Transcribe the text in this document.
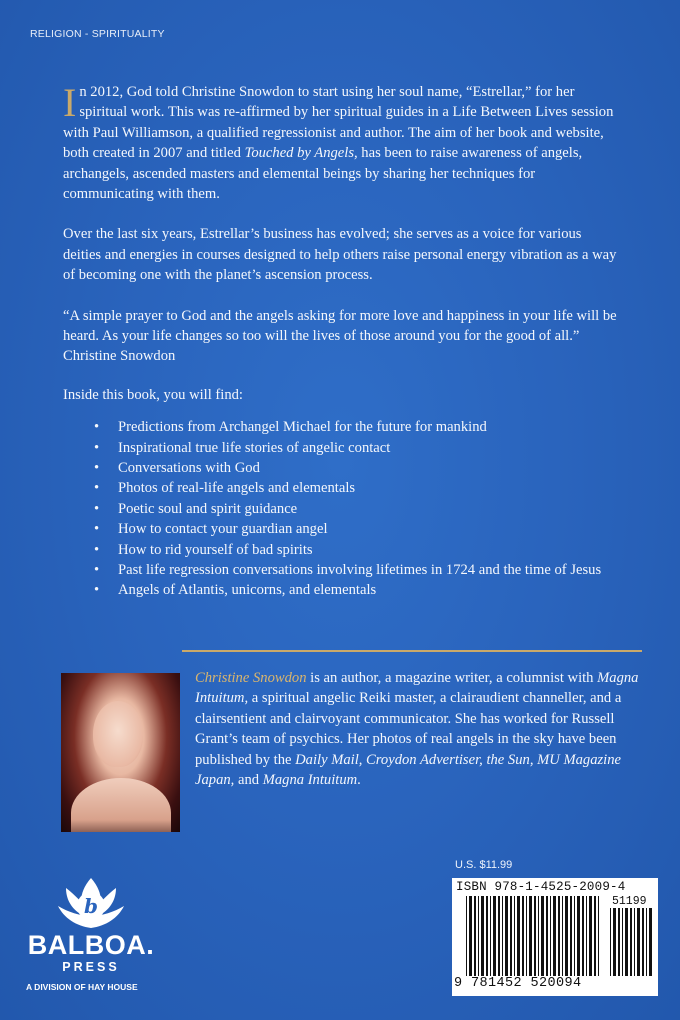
RELIGION - SPIRITUALITY

In 2012, God told Christine Snowdon to start using her soul name, “Estrellar,” for her spiritual work. This was re-affirmed by her spiritual guides in a Life Between Lives session with Paul Williamson, a qualified regressionist and author. The aim of her book and website, both created in 2007 and titled Touched by Angels, has been to raise awareness of angels, archangels, ascended masters and elemental beings by sharing her techniques for communicating with them.

Over the last six years, Estrellar’s business has evolved; she serves as a voice for various deities and energies in courses designed to help others raise personal energy vibration as a way of becoming one with the planet’s ascension process.

“A simple prayer to God and the angels asking for more love and happiness in your life will be heard. As your life changes so too will the lives of those around you for the good of all.”
Christine Snowdon

Inside this book, you will find:
• Predictions from Archangel Michael for the future for mankind
• Inspirational true life stories of angelic contact
• Conversations with God
• Photos of real-life angels and elementals
• Poetic soul and spirit guidance
• How to contact your guardian angel
• How to rid yourself of bad spirits
• Past life regression conversations involving lifetimes in 1724 and the time of Jesus
• Angels of Atlantis, unicorns, and elementals
Christine Snowdon is an author, a magazine writer, a columnist with Magna Intuitum, a spiritual angelic Reiki master, a clairaudient channeller, and a clairsentient and clairvoyant communicator. She has worked for Russell Grant’s team of psychics. Her photos of real angels in the sky have been published by the Daily Mail, Croydon Advertiser, the Sun, MU Magazine Japan, and Magna Intuitum.
b
BALBOA.
PRESS
A DIVISION OF HAY HOUSE
U.S. $11.99
ISBN 978-1-4525-2009-4
51199
9 781452 520094
